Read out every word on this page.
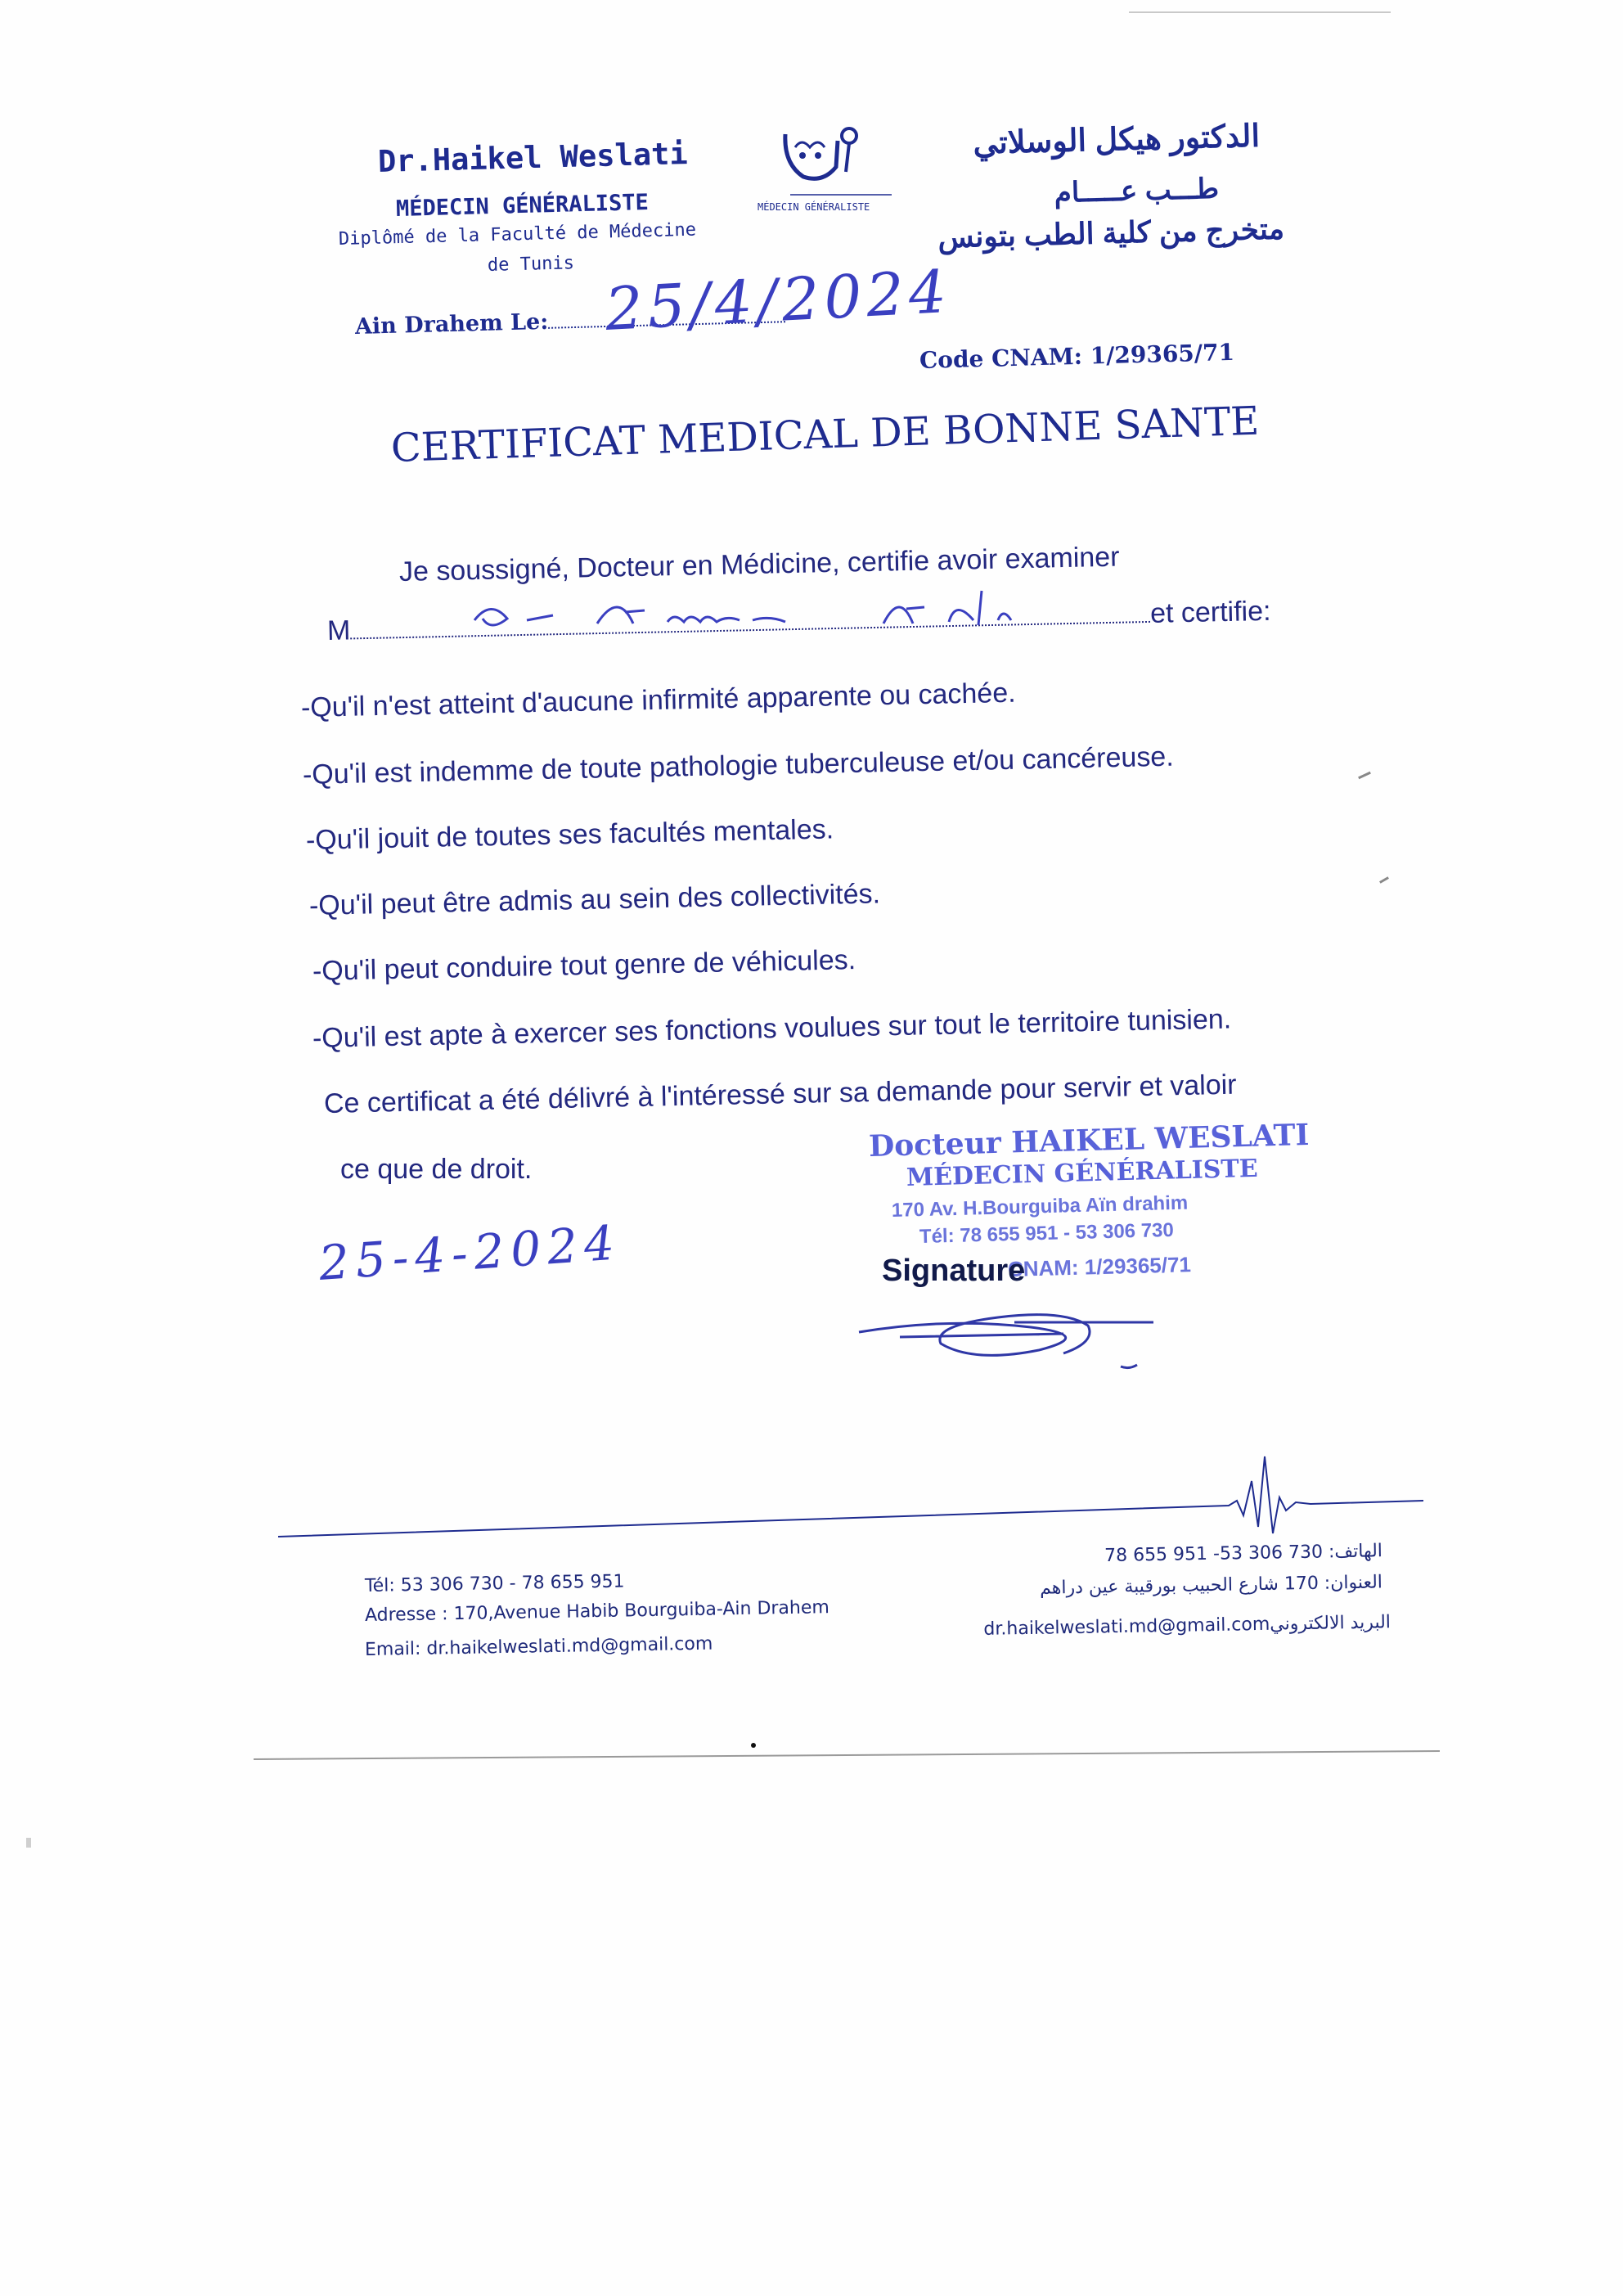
Dr.Haikel Weslati
MÉDECIN GÉNÉRALISTE
Diplômé de la Faculté de Médecine
de Tunis
MÉDECIN GÉNÉRALISTE
الدكتور هيكل الوسلاتي
طـــب عـــــام
متخرج من كلية الطب بتونس
Ain Drahem Le: 25/4/2024
Code CNAM: 1/29365/71
CERTIFICAT MEDICAL DE BONNE SANTE
Je soussigné, Docteur en Médicine, certifie avoir examiner
Met certifie:
-Qu'il n'est atteint d'aucune infirmité apparente ou cachée.
-Qu'il est indemme de toute pathologie tuberculeuse et/ou cancéreuse.
-Qu'il jouit de toutes ses facultés mentales.
-Qu'il peut être admis au sein des collectivités.
-Qu'il peut conduire tout genre de véhicules.
-Qu'il est apte à exercer ses fonctions voulues sur tout le territoire tunisien.
Ce certificat a été délivré à l'intéressé sur sa demande pour servir et valoir
ce que de droit.
25-4-2024
Docteur HAIKEL WESLATI
MÉDECIN GÉNÉRALISTE
170 Av. H.Bourguiba Aïn drahim
Tél: 78 655 951 - 53 306 730
CNAM: 1/29365/71
Signature
Tél: 53 306 730 - 78 655 951
Adresse : 170,Avenue Habib Bourguiba-Ain Drahem
Email: dr.haikelweslati.md@gmail.com
الهاتف: 730 306 53- 951 655 78
العنوان: 170 شارع الحبيب بورقيبة عين دراهم
dr.haikelweslati.md@gmail.comالبريد الالكتروني
